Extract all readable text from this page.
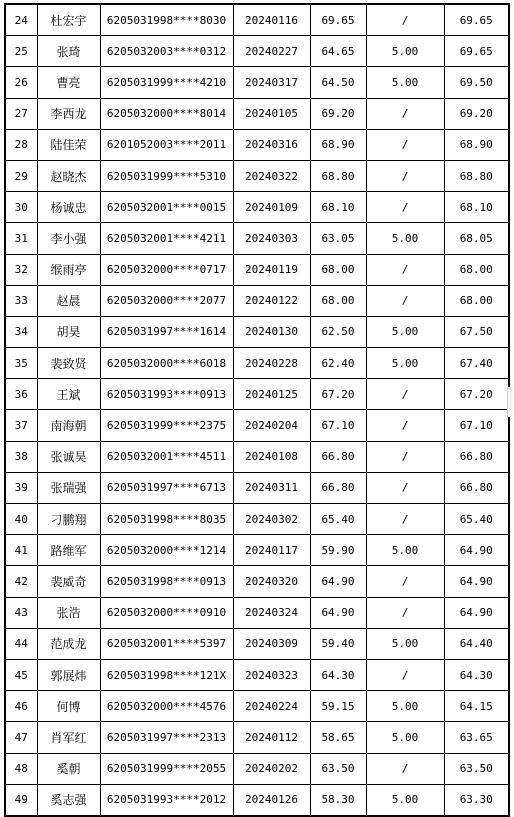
24	杜宏宇	6205031998****8030	20240116	69.65	/	69.65
25	张琦	6205032003****0312	20240227	64.65	5.00	69.65
26	曹亮	6205031999****4210	20240317	64.50	5.00	69.50
27	李西龙	6205032000****8014	20240105	69.20	/	69.20
28	陆佳荣	6201052003****2011	20240316	68.90	/	68.90
29	赵晓杰	6205031999****5310	20240322	68.80	/	68.80
30	杨诚忠	6205032001****0015	20240109	68.10	/	68.10
31	李小强	6205032001****4211	20240303	63.05	5.00	68.05
32	缑雨亭	6205032000****0717	20240119	68.00	/	68.00
33	赵晨	6205032000****2077	20240122	68.00	/	68.00
34	胡昊	6205031997****1614	20240130	62.50	5.00	67.50
35	裴致贤	6205032000****6018	20240228	62.40	5.00	67.40
36	王斌	6205031993****0913	20240125	67.20	/	67.20
37	南海朝	6205031999****2375	20240204	67.10	/	67.10
38	张诚昊	6205032001****4511	20240108	66.80	/	66.80
39	张瑞强	6205031997****6713	20240311	66.80	/	66.80
40	刁鹏翔	6205031998****8035	20240302	65.40	/	65.40
41	路维军	6205032000****1214	20240117	59.90	5.00	64.90
42	裴威奇	6205031998****0913	20240320	64.90	/	64.90
43	张浩	6205032000****0910	20240324	64.90	/	64.90
44	范成龙	6205032001****5397	20240309	59.40	5.00	64.40
45	郭展炜	6205031998****121X	20240323	64.30	/	64.30
46	何博	6205032000****4576	20240224	59.15	5.00	64.15
47	肖军红	6205031997****2313	20240112	58.65	5.00	63.65
48	奚朝	6205031999****2055	20240202	63.50	/	63.50
49	奚志强	6205031993****2012	20240126	58.30	5.00	63.30
